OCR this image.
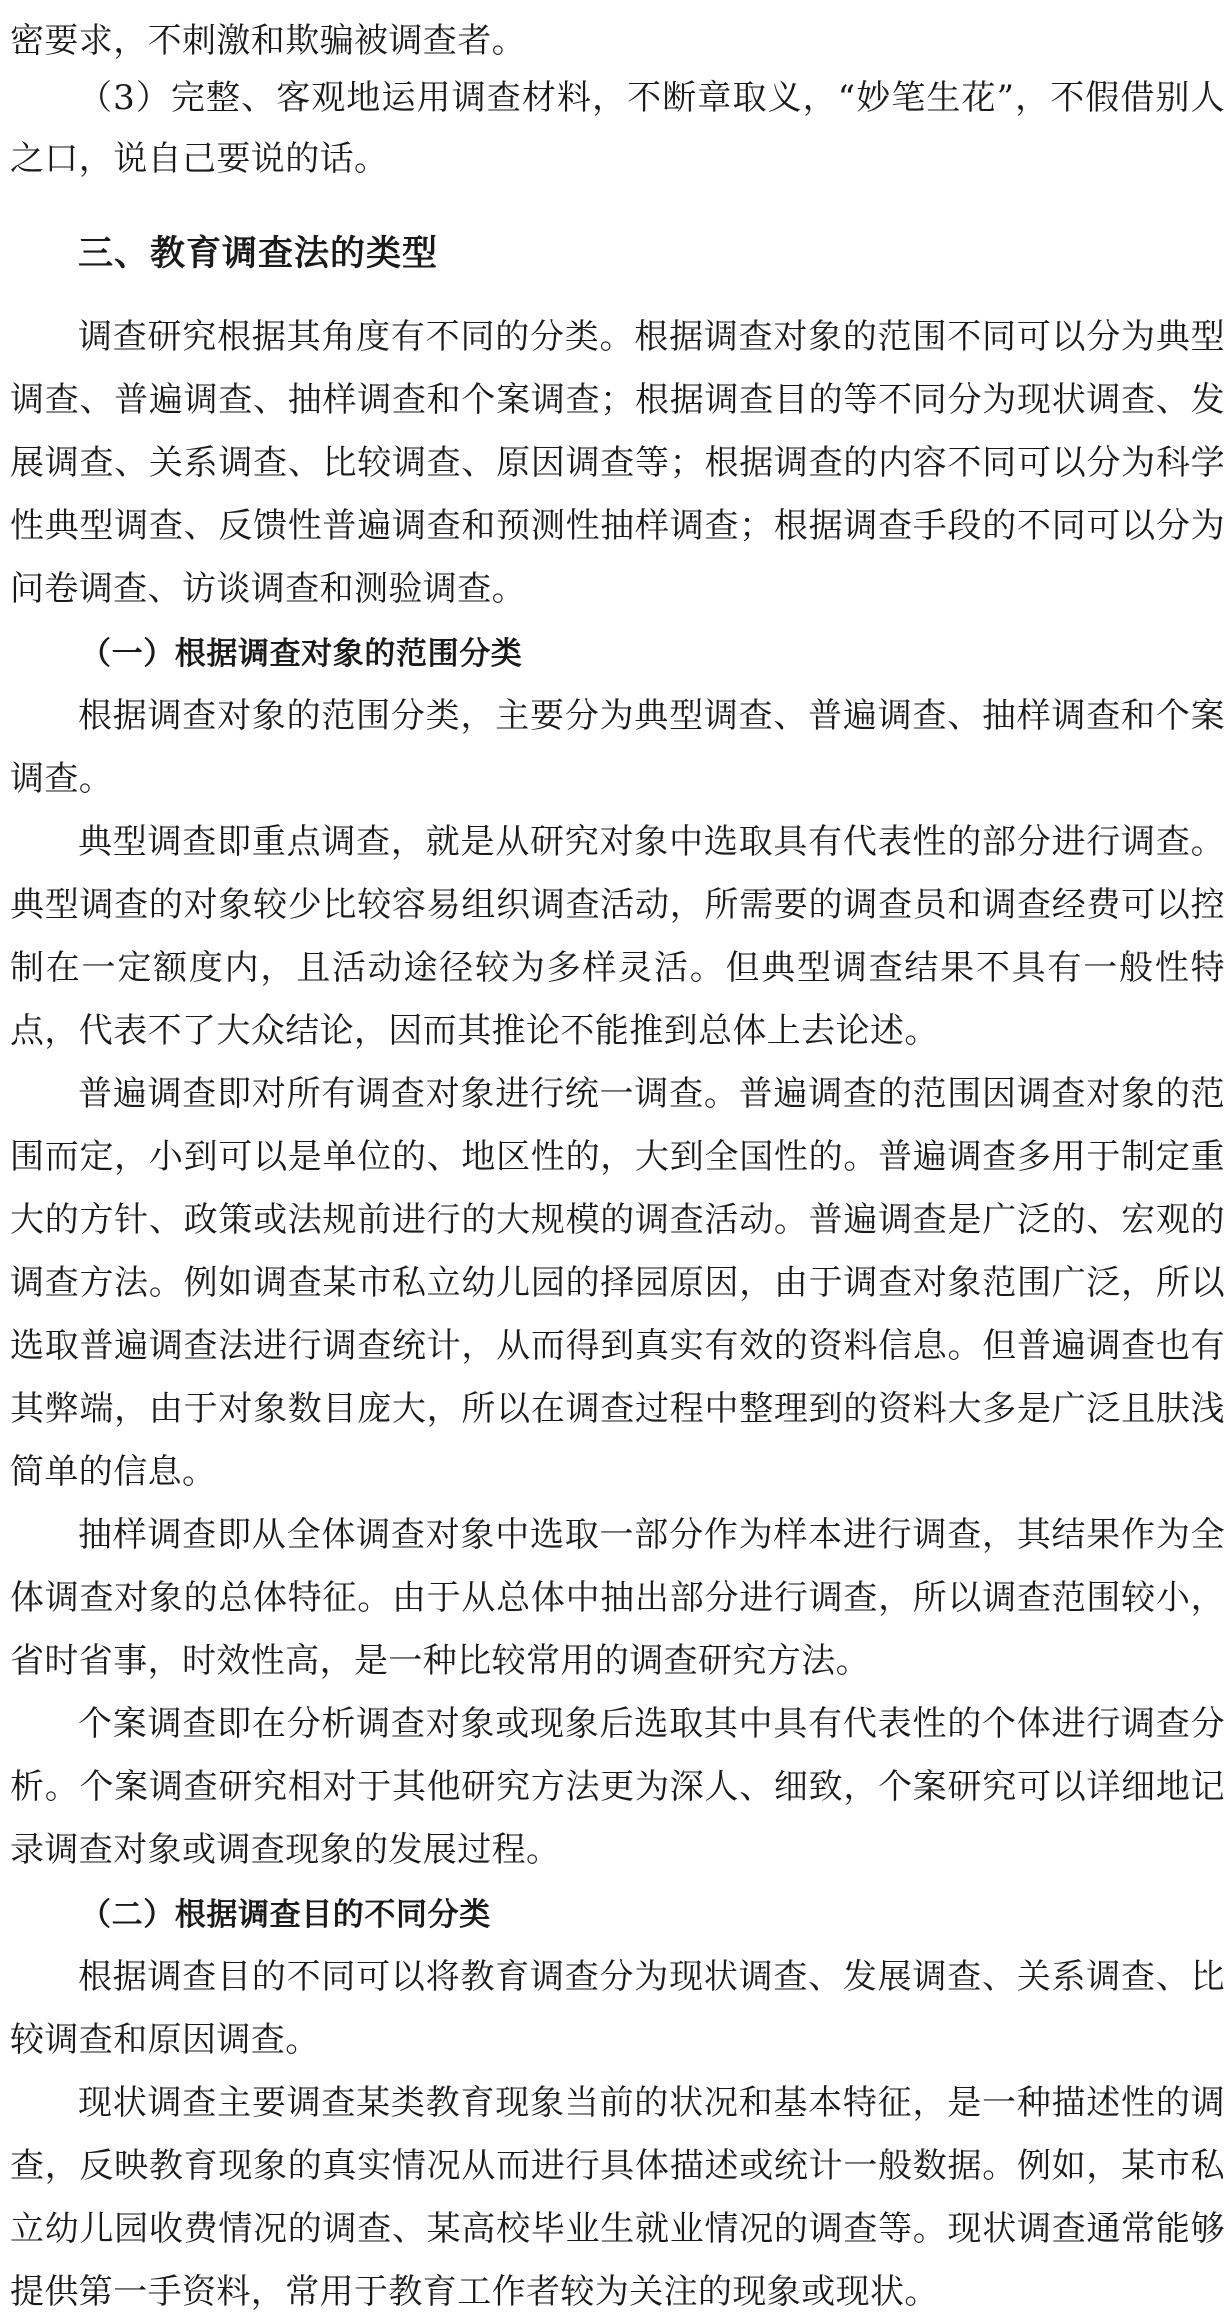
密要求，不刺激和欺骗被调查者。

（3）完整、客观地运用调查材料，不断章取义，“妙笔生花”，不假借别人之口，说自己要说的话。

三、教育调查法的类型

调查研究根据其角度有不同的分类。根据调查对象的范围不同可以分为典型调查、普遍调查、抽样调查和个案调查；根据调查目的等不同分为现状调查、发展调查、关系调查、比较调查、原因调查等；根据调查的内容不同可以分为科学性典型调查、反馈性普遍调查和预测性抽样调查；根据调查手段的不同可以分为问卷调查、访谈调查和测验调查。

（一）根据调查对象的范围分类

根据调查对象的范围分类，主要分为典型调查、普遍调查、抽样调查和个案调查。

典型调查即重点调查，就是从研究对象中选取具有代表性的部分进行调查。典型调查的对象较少比较容易组织调查活动，所需要的调查员和调查经费可以控制在一定额度内，且活动途径较为多样灵活。但典型调查结果不具有一般性特点，代表不了大众结论，因而其推论不能推到总体上去论述。

普遍调查即对所有调查对象进行统一调查。普遍调查的范围因调查对象的范围而定，小到可以是单位的、地区性的，大到全国性的。普遍调查多用于制定重大的方针、政策或法规前进行的大规模的调查活动。普遍调查是广泛的、宏观的调查方法。例如调查某市私立幼儿园的择园原因，由于调查对象范围广泛，所以选取普遍调查法进行调查统计，从而得到真实有效的资料信息。但普遍调查也有其弊端，由于对象数目庞大，所以在调查过程中整理到的资料大多是广泛且肤浅简单的信息。

抽样调查即从全体调查对象中选取一部分作为样本进行调查，其结果作为全体调查对象的总体特征。由于从总体中抽出部分进行调查，所以调查范围较小，省时省事，时效性高，是一种比较常用的调查研究方法。

个案调查即在分析调查对象或现象后选取其中具有代表性的个体进行调查分析。个案调查研究相对于其他研究方法更为深人、细致，个案研究可以详细地记录调查对象或调查现象的发展过程。

（二）根据调查目的不同分类

根据调查目的不同可以将教育调查分为现状调查、发展调查、关系调查、比较调查和原因调查。

现状调查主要调查某类教育现象当前的状况和基本特征，是一种描述性的调查，反映教育现象的真实情况从而进行具体描述或统计一般数据。例如，某市私立幼儿园收费情况的调查、某高校毕业生就业情况的调查等。现状调查通常能够提供第一手资料，常用于教育工作者较为关注的现象或现状。
